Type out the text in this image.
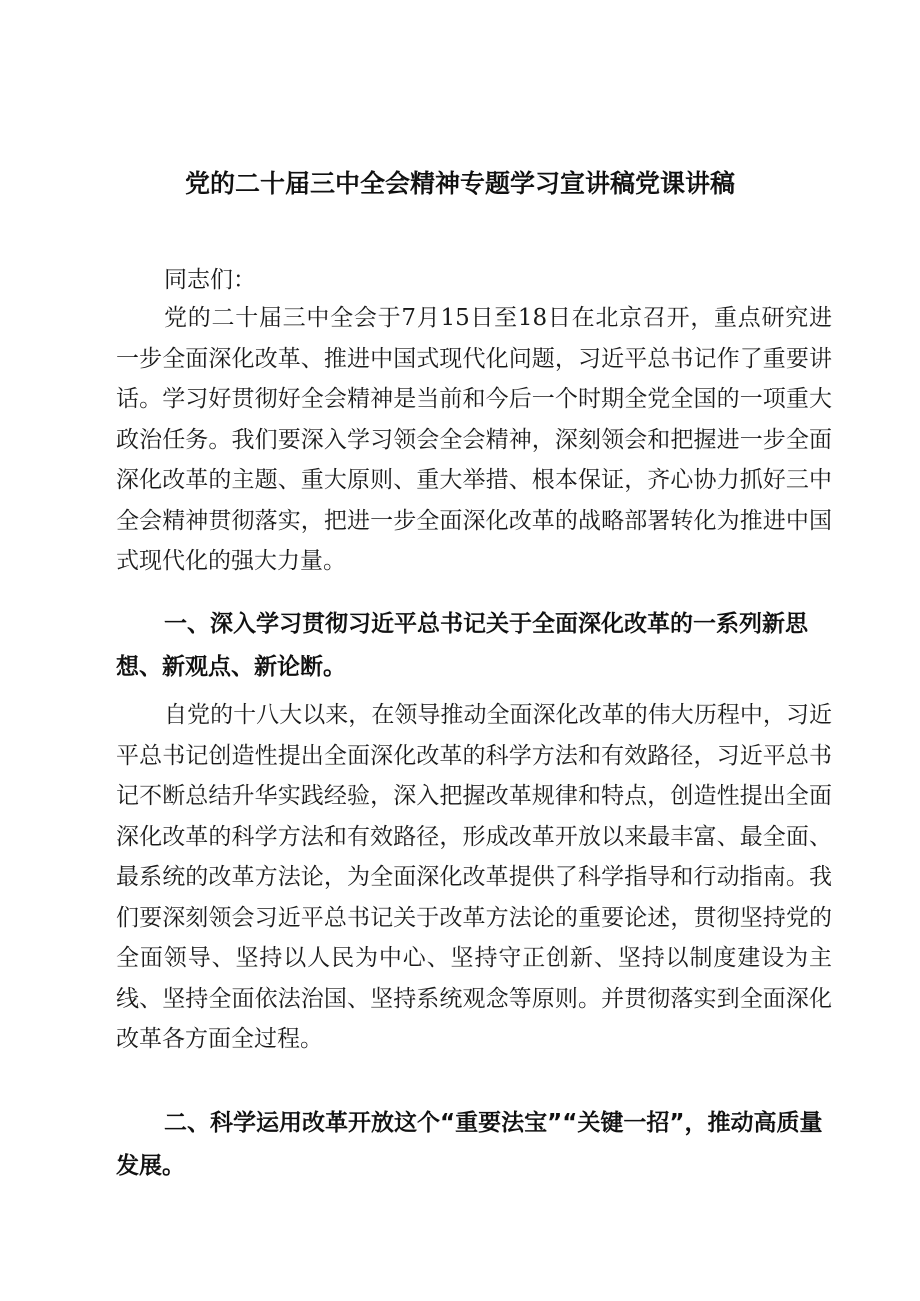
党的二十届三中全会精神专题学习宣讲稿党课讲稿

同志们：

党的二十届三中全会于7月15日至18日在北京召开，重点研究进一步全面深化改革、推进中国式现代化问题，习近平总书记作了重要讲话。学习好贯彻好全会精神是当前和今后一个时期全党全国的一项重大政治任务。我们要深入学习领会全会精神，深刻领会和把握进一步全面深化改革的主题、重大原则、重大举措、根本保证，齐心协力抓好三中全会精神贯彻落实，把进一步全面深化改革的战略部署转化为推进中国式现代化的强大力量。

一、深入学习贯彻习近平总书记关于全面深化改革的一系列新思想、新观点、新论断。

自党的十八大以来，在领导推动全面深化改革的伟大历程中，习近平总书记创造性提出全面深化改革的科学方法和有效路径，习近平总书记不断总结升华实践经验，深入把握改革规律和特点，创造性提出全面深化改革的科学方法和有效路径，形成改革开放以来最丰富、最全面、最系统的改革方法论，为全面深化改革提供了科学指导和行动指南。我们要深刻领会习近平总书记关于改革方法论的重要论述，贯彻坚持党的全面领导、坚持以人民为中心、坚持守正创新、坚持以制度建设为主线、坚持全面依法治国、坚持系统观念等原则。并贯彻落实到全面深化改革各方面全过程。

二、科学运用改革开放这个“重要法宝”“关键一招”，推动高质量发展。
